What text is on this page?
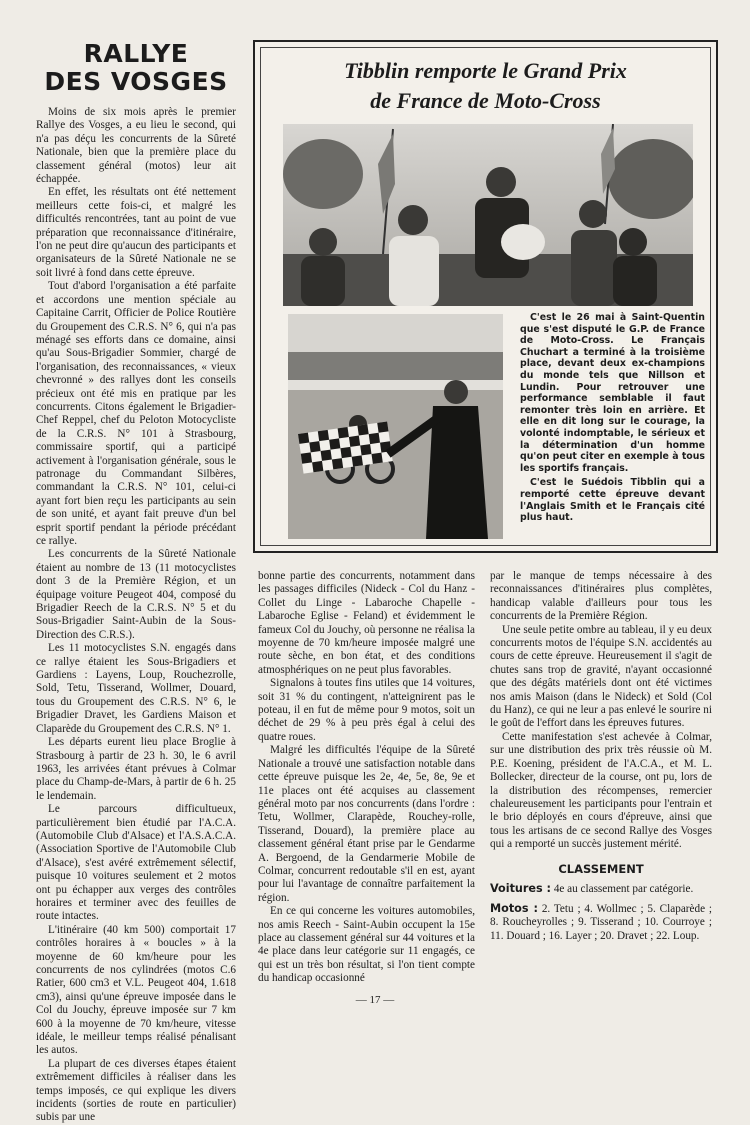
RALLYE
DES VOSGES

Moins de six mois après le premier Rallye des Vosges, a eu lieu le second, qui n'a pas déçu les concurrents de la Sûreté Nationale, bien que la première place du classement général (motos) leur ait échappée.

En effet, les résultats ont été nettement meilleurs cette fois-ci, et malgré les difficultés rencontrées, tant au point de vue préparation que reconnaissance d'itinéraire, l'on ne peut dire qu'aucun des participants et organisateurs de la Sûreté Nationale ne se soit livré à fond dans cette épreuve.

Tout d'abord l'organisation a été parfaite et accordons une mention spéciale au Capitaine Carrit, Officier de Police Routière du Groupement des C.R.S. N° 6, qui n'a pas ménagé ses efforts dans ce domaine, ainsi qu'au Sous-Brigadier Sommier, chargé de l'organisation, des reconnaissances, « vieux chevronné » des rallyes dont les conseils précieux ont été mis en pratique par les concurrents. Citons également le Brigadier-Chef Reppel, chef du Peloton Motocycliste de la C.R.S. N° 101 à Strasbourg, commissaire sportif, qui a participé activement à l'organisation générale, sous le patronage du Commandant Silbères, commandant la C.R.S. N° 101, celui-ci ayant fort bien reçu les participants au sein de son unité, et ayant fait preuve d'un bel esprit sportif pendant la période précédant ce rallye.

Les concurrents de la Sûreté Nationale étaient au nombre de 13 (11 motocyclistes dont 3 de la Première Région, et un équipage voiture Peugeot 404, composé du Brigadier Reech de la C.R.S. N° 5 et du Sous-Brigadier Saint-Aubin de la Sous-Direction des C.R.S.).

Les 11 motocyclistes S.N. engagés dans ce rallye étaient les Sous-Brigadiers et Gardiens : Layens, Loup, Rouchezrolle, Sold, Tetu, Tisserand, Wollmer, Douard, tous du Groupement des C.R.S. N° 6, le Brigadier Dravet, les Gardiens Maison et Claparède du Groupement des C.R.S. N° 1.

Les départs eurent lieu place Broglie à Strasbourg à partir de 23 h. 30, le 6 avril 1963, les arrivées étant prévues à Colmar place du Champ-de-Mars, à partir de 6 h. 25 le lendemain.

Le parcours difficultueux, particulièrement bien étudié par l'A.C.A. (Automobile Club d'Alsace) et l'A.S.A.C.A. (Association Sportive de l'Automobile Club d'Alsace), s'est avéré extrêmement sélectif, puisque 10 voitures seulement et 2 motos ont pu échapper aux verges des contrôles horaires et terminer avec des feuilles de route intactes.

L'itinéraire (40 km 500) comportait 17 contrôles horaires à « boucles » à la moyenne de 60 km/heure pour les concurrents de nos cylindrées (motos C.6 Ratier, 600 cm3 et V.L. Peugeot 404, 1.618 cm3), ainsi qu'une épreuve imposée dans le Col du Jouchy, épreuve imposée sur 7 km 600 à la moyenne de 70 km/heure, vitesse idéale, le meilleur temps réalisé pénalisant les autos.

La plupart de ces diverses étapes étaient extrêmement difficiles à réaliser dans les temps imposés, ce qui explique les divers incidents (sorties de route en particulier) subis par une

Tibblin remporte le Grand Prix
de France de Moto-Cross

C'est le 26 mai à Saint-Quentin que s'est disputé le G.P. de France de Moto-Cross. Le Français Chuchart a terminé à la troisième place, devant deux ex-champions du monde tels que Nillson et Lundin. Pour retrouver une performance semblable il faut remonter très loin en arrière. Et elle en dit long sur le courage, la volonté indomptable, le sérieux et la détermination d'un homme qu'on peut citer en exemple à tous les sportifs français.

C'est le Suédois Tibblin qui a remporté cette épreuve devant l'Anglais Smith et le Français cité plus haut.

bonne partie des concurrents, notamment dans les passages difficiles (Nideck - Col du Hanz - Collet du Linge - Labaroche Chapelle - Labaroche Eglise - Feland) et évidemment le fameux Col du Jouchy, où personne ne réalisa la moyenne de 70 km/heure imposée malgré une route sèche, en bon état, et des conditions atmosphériques on ne peut plus favorables.

Signalons à toutes fins utiles que 14 voitures, soit 31 % du contingent, n'atteignirent pas le poteau, il en fut de même pour 9 motos, soit un déchet de 29 % à peu près égal à celui des quatre roues.

Malgré les difficultés l'équipe de la Sûreté Nationale a trouvé une satisfaction notable dans cette épreuve puisque les 2e, 4e, 5e, 8e, 9e et 11e places ont été acquises au classement général moto par nos concurrents (dans l'ordre : Tetu, Wollmer, Clarapède, Rouchey-rolle, Tisserand, Douard), la première place au classement général étant prise par le Gendarme A. Bergoend, de la Gendarmerie Mobile de Colmar, concurrent redoutable s'il en est, ayant pour lui l'avantage de connaître parfaitement la région.

En ce qui concerne les voitures automobiles, nos amis Reech - Saint-Aubin occupent la 15e place au classement général sur 44 voitures et la 4e place dans leur catégorie sur 11 engagés, ce qui est un très bon résultat, si l'on tient compte du handicap occasionné

par le manque de temps nécessaire à des reconnaissances d'itinéraires plus complètes, handicap valable d'ailleurs pour tous les concurrents de la Première Région.

Une seule petite ombre au tableau, il y eu deux concurrents motos de l'équipe S.N. accidentés au cours de cette épreuve. Heureusement il s'agit de chutes sans trop de gravité, n'ayant occasionné que des dégâts matériels dont ont été victimes nos amis Maison (dans le Nideck) et Sold (Col du Hanz), ce qui ne leur a pas enlevé le sourire ni le goût de l'effort dans les épreuves futures.

Cette manifestation s'est achevée à Colmar, sur une distribution des prix très réussie où M. P.E. Koening, président de l'A.C.A., et M. L. Bollecker, directeur de la course, ont pu, lors de la distribution des récompenses, remercier chaleureusement les participants pour l'entrain et le brio déployés en cours d'épreuve, ainsi que tous les artisans de ce second Rallye des Vosges qui a remporté un succès justement mérité.

CLASSEMENT

Voitures : 4e au classement par catégorie.

Motos : 2. Tetu ; 4. Wollmec ; 5. Claparède ; 8. Roucheyrolles ; 9. Tisserand ; 10. Courroye ; 11. Douard ; 16. Layer ; 20. Dravet ; 22. Loup.

— 17 —
